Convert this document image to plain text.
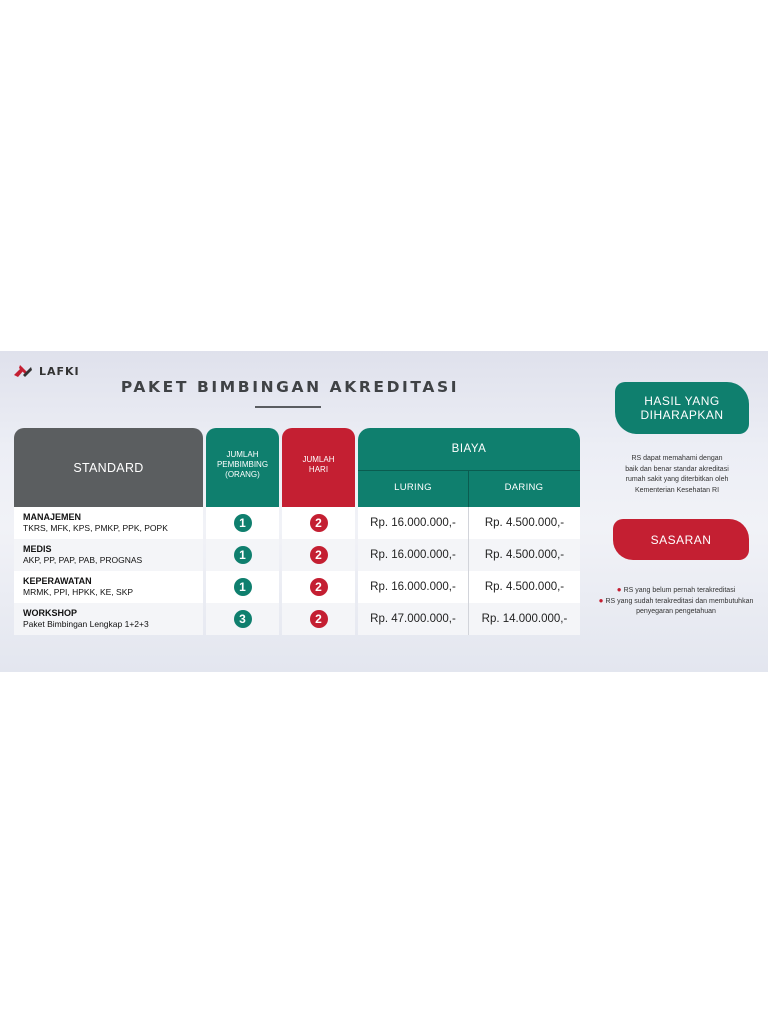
LAFKI
PAKET BIMBINGAN AKREDITASI
STANDARD
JUMLAH
PEMBIMBING
(ORANG)
JUMLAH
HARI
BIAYA
LURING	DARING
MANAJEMEN
TKRS, MFK, KPS, PMKP, PPK, POPK	1	2	Rp. 16.000.000,-	Rp. 4.500.000,-
MEDIS
AKP, PP, PAP, PAB, PROGNAS	1	2	Rp. 16.000.000,-	Rp. 4.500.000,-
KEPERAWATAN
MRMK, PPI, HPKK, KE, SKP	1	2	Rp. 16.000.000,-	Rp. 4.500.000,-
WORKSHOP
Paket Bimbingan Lengkap 1+2+3	3	2	Rp. 47.000.000,- Rp. 14.000.000,-
HASIL YANG
DIHARAPKAN
RS dapat memahami dengan
baik dan benar standar akreditasi
rumah sakit yang diterbitkan oleh
Kementerian Kesehatan RI
SASARAN
● RS yang belum pernah terakreditasi
● RS yang sudah terakreditasi dan membutuhkan penyegaran pengetahuan
